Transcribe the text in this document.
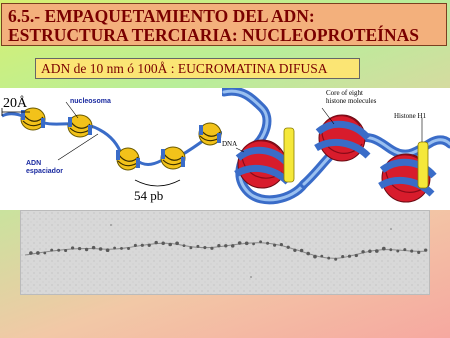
6.5.- EMPAQUETAMIENTO DEL ADN:
ESTRUCTURA TERCIARIA: NUCLEOPROTEÍNAS
ADN de 10 nm ó 100Å : EUCROMATINA DIFUSA
20Å	nucleosoma
ADN
espaciador
54 pb
DNA
Core of eight
histone molecules
Histone H1
